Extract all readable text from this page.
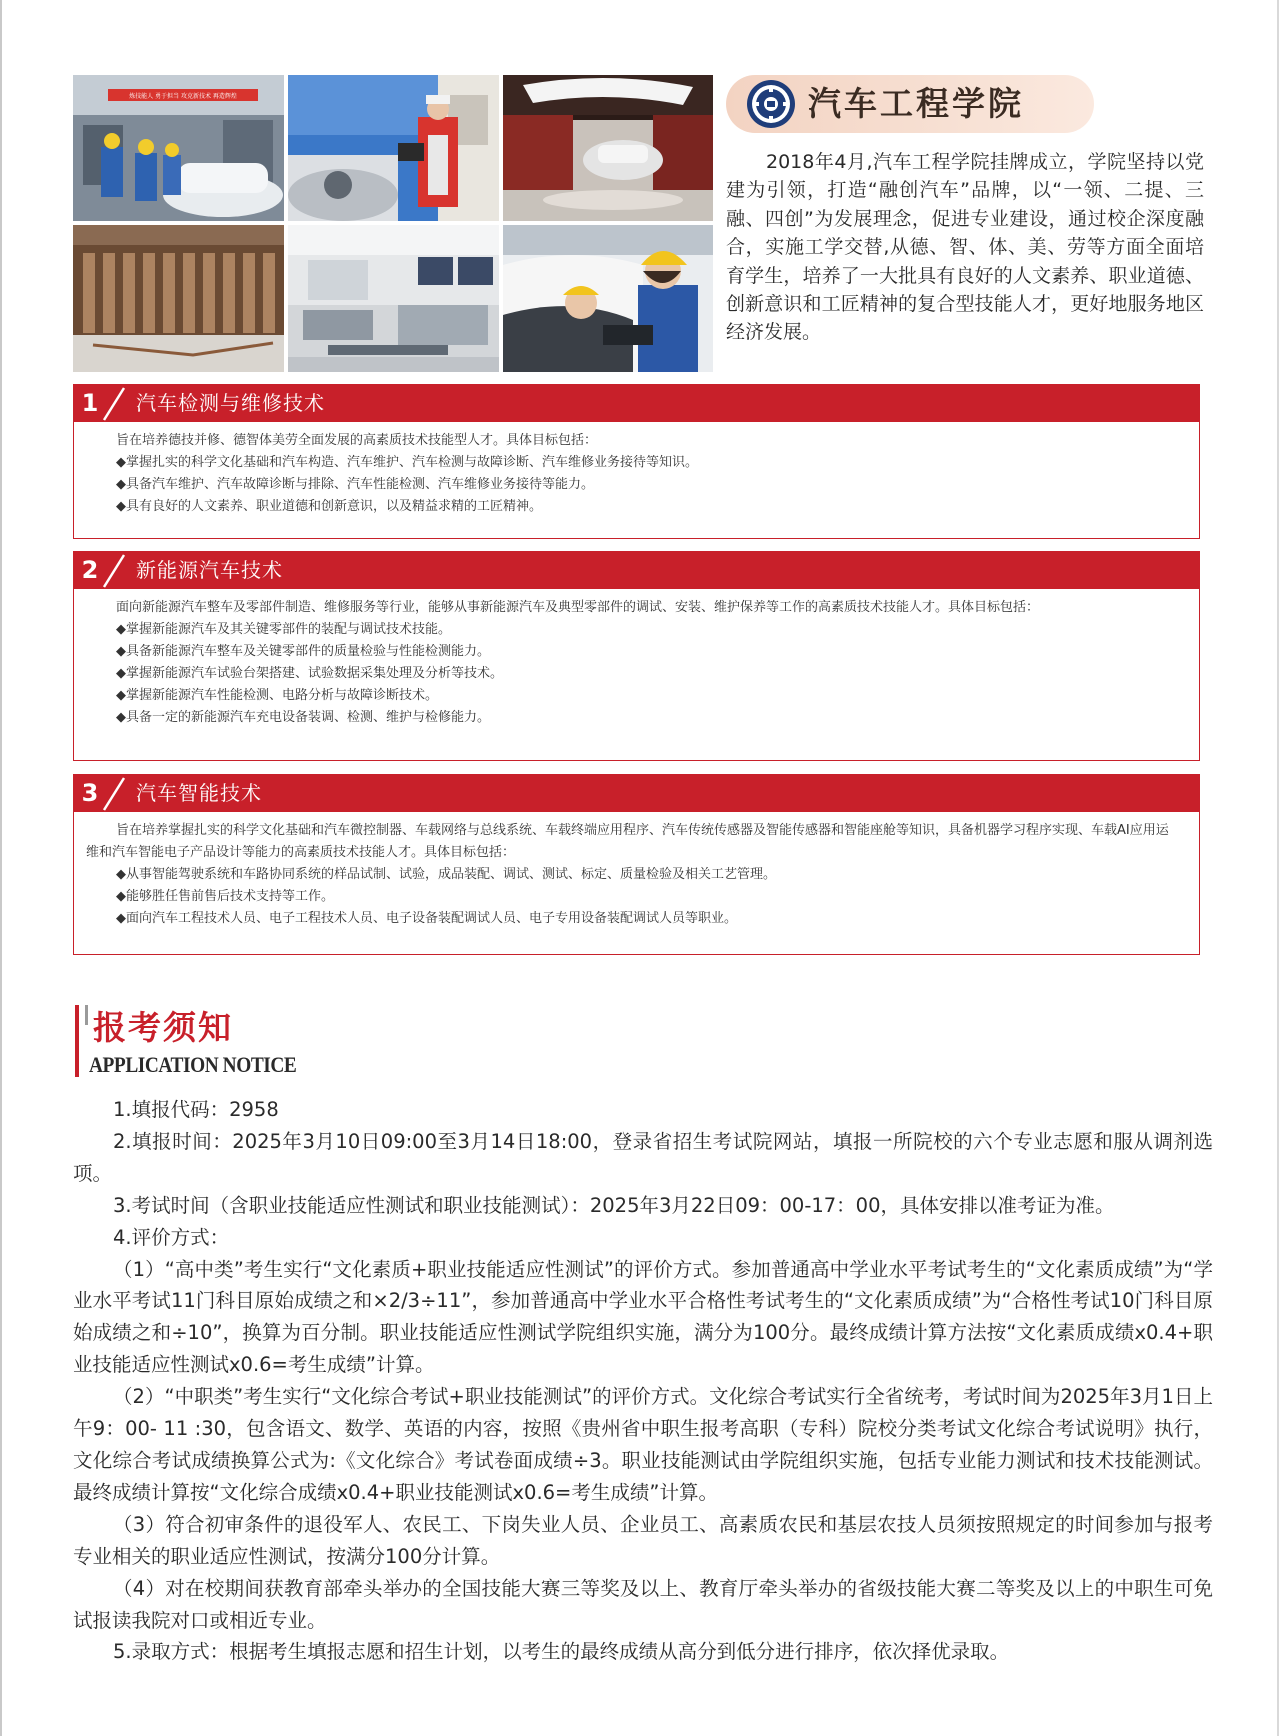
炼技能人 勇于担当 攻克新技术 再造辉煌	汽车工程学院

2018年4月,汽车工程学院挂牌成立，学院坚持以党建为引领，打造“融创汽车”品牌，以“一领、二提、三融、四创”为发展理念，促进专业建设，通过校企深度融合，实施工学交替,从德、智、体、美、劳等方面全面培育学生，培养了一大批具有良好的人文素养、职业道德、创新意识和工匠精神的复合型技能人才，更好地服务地区经济发展。

1 汽车检测与维修技术

旨在培养德技并修、德智体美劳全面发展的高素质技术技能型人才。具体目标包括：

◆掌握扎实的科学文化基础和汽车构造、汽车维护、汽车检测与故障诊断、汽车维修业务接待等知识。

◆具备汽车维护、汽车故障诊断与排除、汽车性能检测、汽车维修业务接待等能力。

◆具有良好的人文素养、职业道德和创新意识，以及精益求精的工匠精神。

2 新能源汽车技术

面向新能源汽车整车及零部件制造、维修服务等行业，能够从事新能源汽车及典型零部件的调试、安装、维护保养等工作的高素质技术技能人才。具体目标包括：

◆掌握新能源汽车及其关键零部件的装配与调试技术技能。

◆具备新能源汽车整车及关键零部件的质量检验与性能检测能力。

◆掌握新能源汽车试验台架搭建、试验数据采集处理及分析等技术。

◆掌握新能源汽车性能检测、电路分析与故障诊断技术。

◆具备一定的新能源汽车充电设备装调、检测、维护与检修能力。

3 汽车智能技术

旨在培养掌握扎实的科学文化基础和汽车微控制器、车载网络与总线系统、车载终端应用程序、汽车传统传感器及智能传感器和智能座舱等知识，具备机器学习程序实现、车载AI应用运维和汽车智能电子产品设计等能力的高素质技术技能人才。具体目标包括：

◆从事智能驾驶系统和车路协同系统的样品试制、试验，成品装配、调试、测试、标定、质量检验及相关工艺管理。

◆能够胜任售前售后技术支持等工作。

◆面向汽车工程技术人员、电子工程技术人员、电子设备装配调试人员、电子专用设备装配调试人员等职业。

报考须知
APPLICATION NOTICE

1.填报代码：2958

2.填报时间：2025年3月10日09:00至3月14日18:00，登录省招生考试院网站，填报一所院校的六个专业志愿和服从调剂选项。

3.考试时间（含职业技能适应性测试和职业技能测试）：2025年3月22日09：00-17：00，具体安排以准考证为准。

4.评价方式：

（1）“高中类”考生实行“文化素质+职业技能适应性测试”的评价方式。参加普通高中学业水平考试考生的“文化素质成绩”为“学业水平考试11门科目原始成绩之和×2/3÷11”，参加普通高中学业水平合格性考试考生的“文化素质成绩”为“合格性考试10门科目原始成绩之和÷10”，换算为百分制。职业技能适应性测试学院组织实施，满分为100分。最终成绩计算方法按“文化素质成绩x0.4+职业技能适应性测试x0.6=考生成绩”计算。

（2）“中职类”考生实行“文化综合考试+职业技能测试”的评价方式。文化综合考试实行全省统考，考试时间为2025年3月1日上午9：00- 11 :30，包含语文、数学、英语的内容，按照《贵州省中职生报考高职（专科）院校分类考试文化综合考试说明》执行，文化综合考试成绩换算公式为:《文化综合》考试卷面成绩÷3。职业技能测试由学院组织实施，包括专业能力测试和技术技能测试。最终成绩计算按“文化综合成绩x0.4+职业技能测试x0.6=考生成绩”计算。

（3）符合初审条件的退役军人、农民工、下岗失业人员、企业员工、高素质农民和基层农技人员须按照规定的时间参加与报考专业相关的职业适应性测试，按满分100分计算。

（4）对在校期间获教育部牵头举办的全国技能大赛三等奖及以上、教育厅牵头举办的省级技能大赛二等奖及以上的中职生可免试报读我院对口或相近专业。

5.录取方式：根据考生填报志愿和招生计划，以考生的最终成绩从高分到低分进行排序，依次择优录取。
